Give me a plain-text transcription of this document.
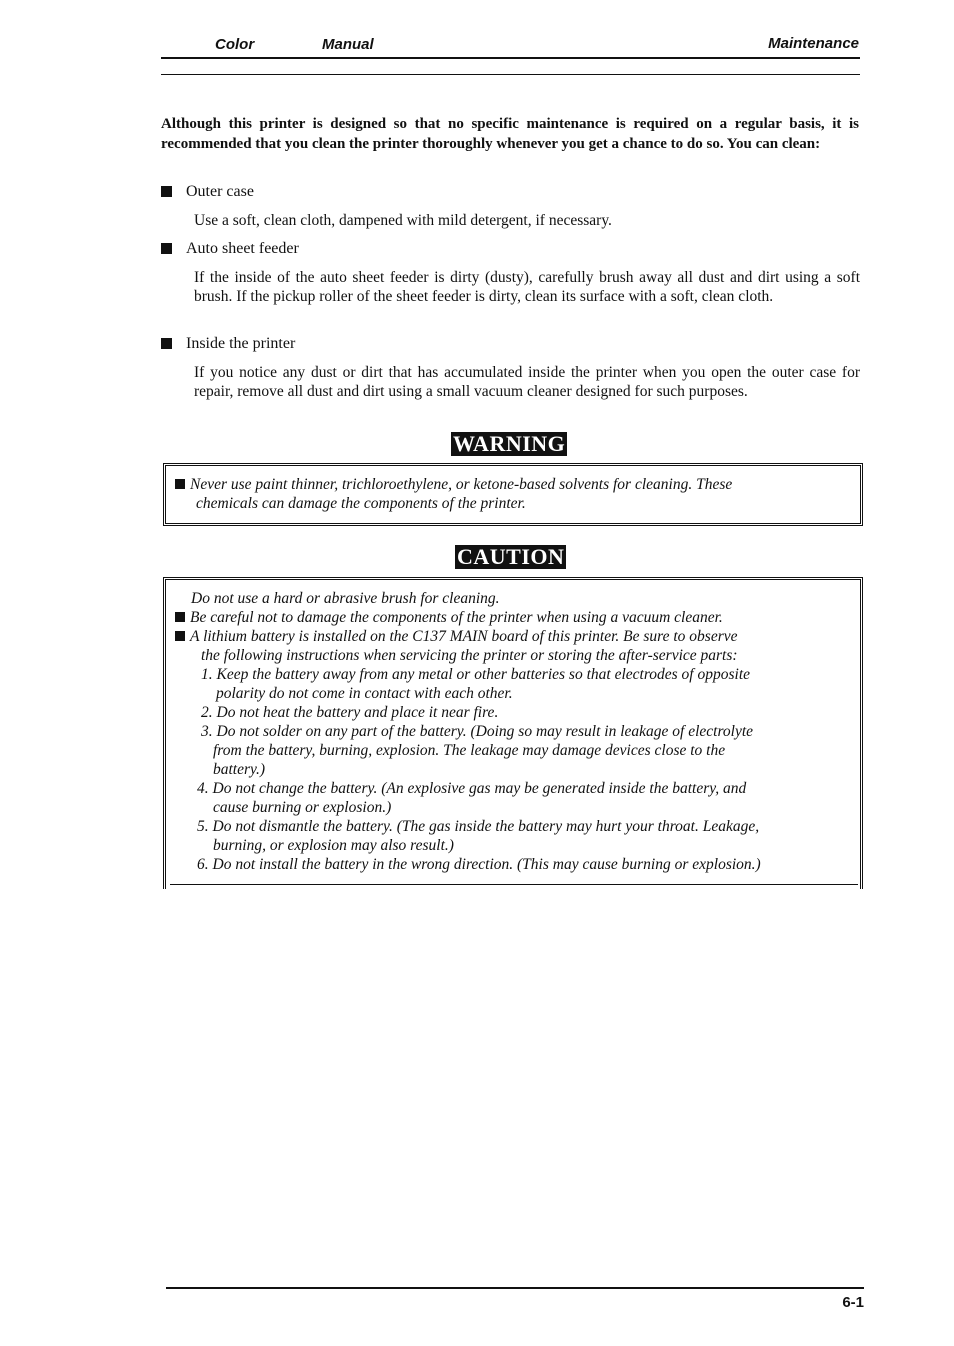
Color	Manual	Maintenance
Although this printer is designed so that no specific maintenance is required on a regular basis, it is recommended that you clean the printer thoroughly whenever you get a chance to do so. You can clean:
Outer case
Use a soft, clean cloth, dampened with mild detergent, if necessary.
Auto sheet feeder
If the inside of the auto sheet feeder is dirty (dusty), carefully brush away all dust and dirt using a soft brush. If the pickup roller of the sheet feeder is dirty, clean its surface with a soft, clean cloth.
Inside the printer
If you notice any dust or dirt that has accumulated inside the printer when you open the outer case for repair, remove all dust and dirt using a small vacuum cleaner designed for such purposes.
WARNING
Never use paint thinner, trichloroethylene, or ketone-based solvents for cleaning. These
chemicals can damage the components of the printer.
CAUTION
Do not use a hard or abrasive brush for cleaning.
Be careful not to damage the components of the printer when using a vacuum cleaner.
A lithium battery is installed on the C137 MAIN board of this printer. Be sure to observe
the following instructions when servicing the printer or storing the after-service parts:
1. Keep the battery away from any metal or other batteries so that electrodes of opposite
polarity do not come in contact with each other.
2. Do not heat the battery and place it near fire.
3. Do not solder on any part of the battery. (Doing so may result in leakage of electrolyte
from the battery, burning, explosion. The leakage may damage devices close to the
battery.)
4. Do not change the battery. (An explosive gas may be generated inside the battery, and
cause burning or explosion.)
5. Do not dismantle the battery. (The gas inside the battery may hurt your throat. Leakage,
burning, or explosion may also result.)
6. Do not install the battery in the wrong direction. (This may cause burning or explosion.)
6-1
